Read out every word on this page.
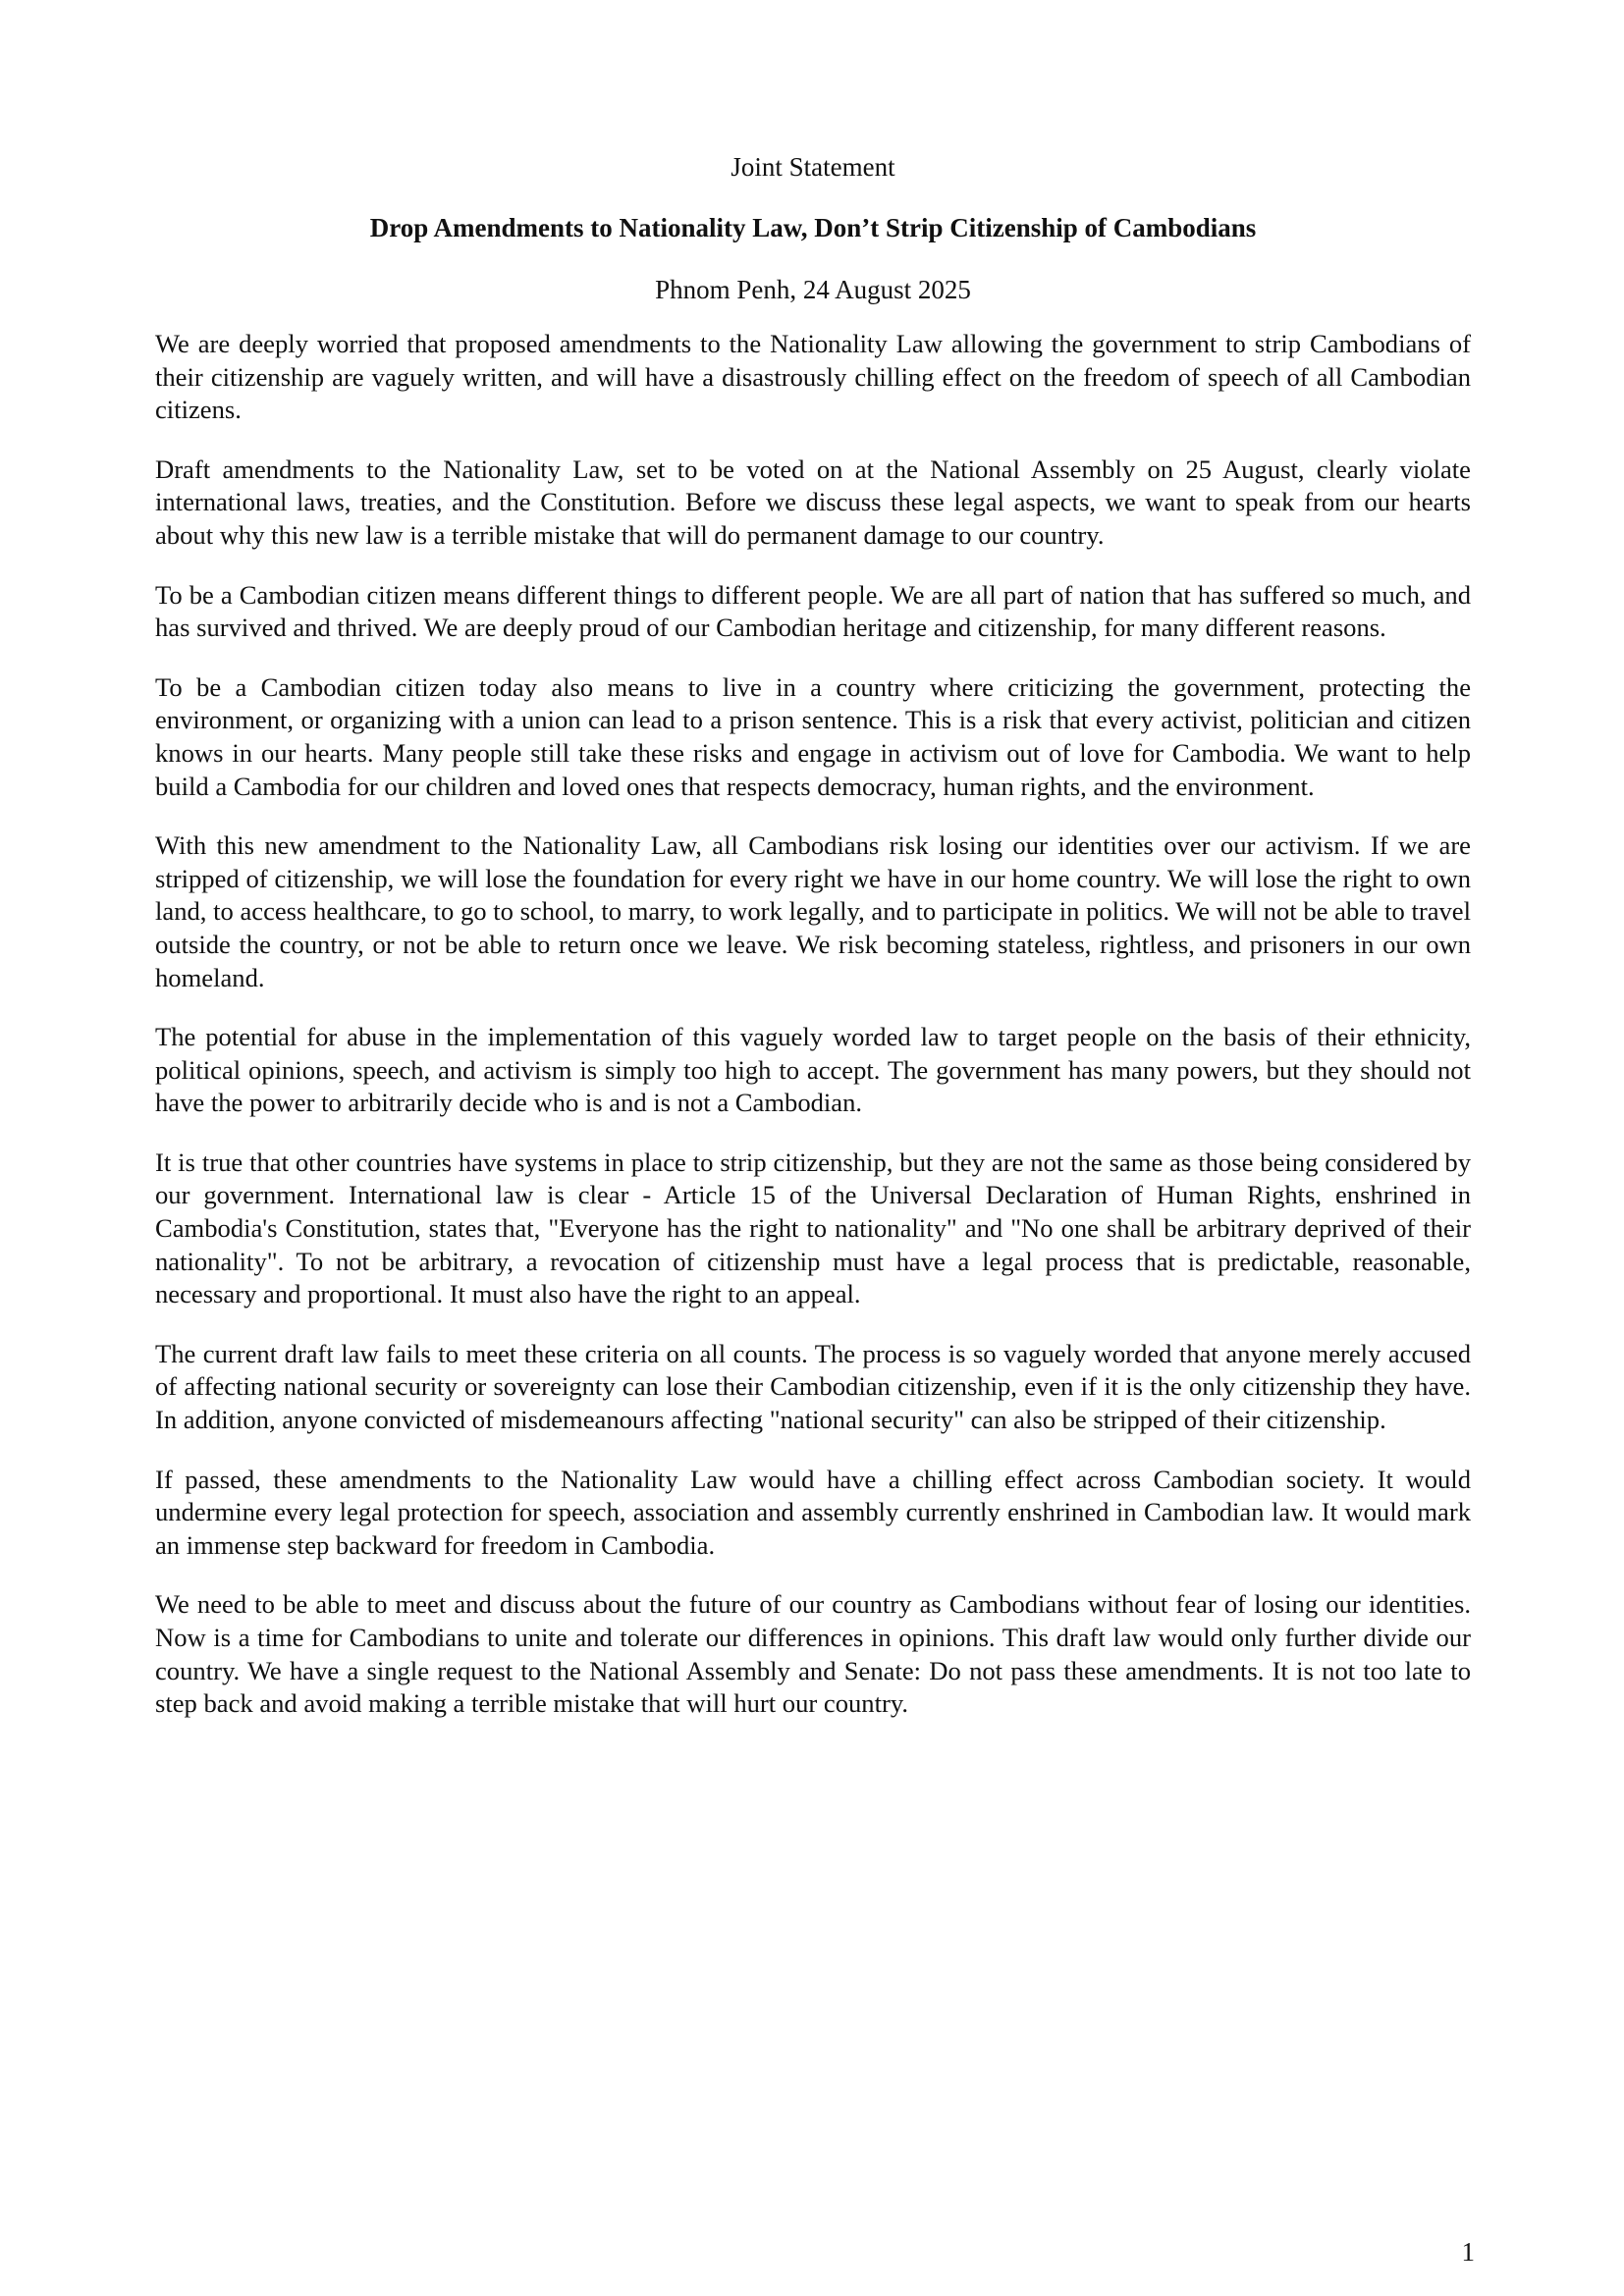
Joint Statement

Drop Amendments to Nationality Law, Don’t Strip Citizenship of Cambodians

Phnom Penh, 24 August 2025

We are deeply worried that proposed amendments to the Nationality Law allowing the government to strip Cambodians of their citizenship are vaguely written, and will have a disastrously chilling effect on the freedom of speech of all Cambodian citizens.

Draft amendments to the Nationality Law, set to be voted on at the National Assembly on 25 August, clearly violate international laws, treaties, and the Constitution. Before we discuss these legal aspects, we want to speak from our hearts about why this new law is a terrible mistake that will do permanent damage to our country.

To be a Cambodian citizen means different things to different people. We are all part of nation that has suffered so much, and has survived and thrived. We are deeply proud of our Cambodian heritage and citizenship, for many different reasons.

To be a Cambodian citizen today also means to live in a country where criticizing the government, protecting the environment, or organizing with a union can lead to a prison sentence. This is a risk that every activist, politician and citizen knows in our hearts. Many people still take these risks and engage in activism out of love for Cambodia. We want to help build a Cambodia for our children and loved ones that respects democracy, human rights, and the environment.

With this new amendment to the Nationality Law, all Cambodians risk losing our identities over our activism. If we are stripped of citizenship, we will lose the foundation for every right we have in our home country. We will lose the right to own land, to access healthcare, to go to school, to marry, to work legally, and to participate in politics. We will not be able to travel outside the country, or not be able to return once we leave. We risk becoming stateless, rightless, and prisoners in our own homeland.

The potential for abuse in the implementation of this vaguely worded law to target people on the basis of their ethnicity, political opinions, speech, and activism is simply too high to accept. The government has many powers, but they should not have the power to arbitrarily decide who is and is not a Cambodian.

It is true that other countries have systems in place to strip citizenship, but they are not the same as those being considered by our government. International law is clear - Article 15 of the Universal Declaration of Human Rights, enshrined in Cambodia's Constitution, states that, "Everyone has the right to nationality" and "No one shall be arbitrary deprived of their nationality". To not be arbitrary, a revocation of citizenship must have a legal process that is predictable, reasonable, necessary and proportional. It must also have the right to an appeal.

The current draft law fails to meet these criteria on all counts. The process is so vaguely worded that anyone merely accused of affecting national security or sovereignty can lose their Cambodian citizenship, even if it is the only citizenship they have. In addition, anyone convicted of misdemeanours affecting "national security" can also be stripped of their citizenship.

If passed, these amendments to the Nationality Law would have a chilling effect across Cambodian society. It would undermine every legal protection for speech, association and assembly currently enshrined in Cambodian law. It would mark an immense step backward for freedom in Cambodia.

We need to be able to meet and discuss about the future of our country as Cambodians without fear of losing our identities. Now is a time for Cambodians to unite and tolerate our differences in opinions. This draft law would only further divide our country. We have a single request to the National Assembly and Senate: Do not pass these amendments. It is not too late to step back and avoid making a terrible mistake that will hurt our country.

1
